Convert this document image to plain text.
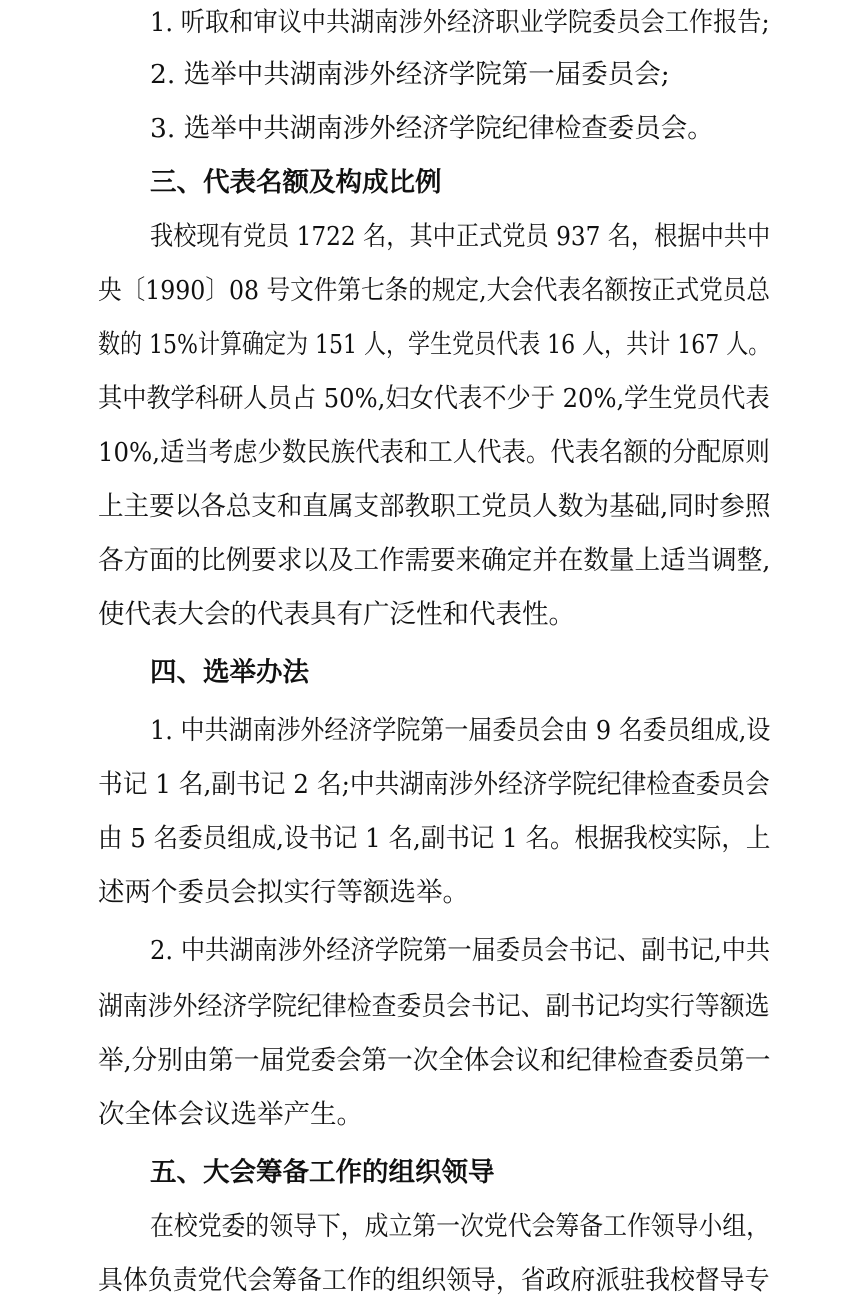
1. 听取和审议中共湖南涉外经济职业学院委员会工作报告;
2. 选举中共湖南涉外经济学院第一届委员会;
3. 选举中共湖南涉外经济学院纪律检查委员会。
三、代表名额及构成比例
我校现有党员 1722 名，其中正式党员 937 名，根据中共中
央〔1990〕08 号文件第七条的规定,大会代表名额按正式党员总
数的 15%计算确定为 151 人，学生党员代表 16 人，共计 167 人。
其中教学科研人员占 50%,妇女代表不少于 20%,学生党员代表
10%,适当考虑少数民族代表和工人代表。代表名额的分配原则
上主要以各总支和直属支部教职工党员人数为基础,同时参照
各方面的比例要求以及工作需要来确定并在数量上适当调整,
使代表大会的代表具有广泛性和代表性。
四、选举办法
1. 中共湖南涉外经济学院第一届委员会由 9 名委员组成,设
书记 1 名,副书记 2 名;中共湖南涉外经济学院纪律检查委员会
由 5 名委员组成,设书记 1 名,副书记 1 名。根据我校实际，上
述两个委员会拟实行等额选举。
2. 中共湖南涉外经济学院第一届委员会书记、副书记,中共
湖南涉外经济学院纪律检查委员会书记、副书记均实行等额选
举,分别由第一届党委会第一次全体会议和纪律检查委员第一
次全体会议选举产生。
五、大会筹备工作的组织领导
在校党委的领导下，成立第一次党代会筹备工作领导小组，
具体负责党代会筹备工作的组织领导，省政府派驻我校督导专
